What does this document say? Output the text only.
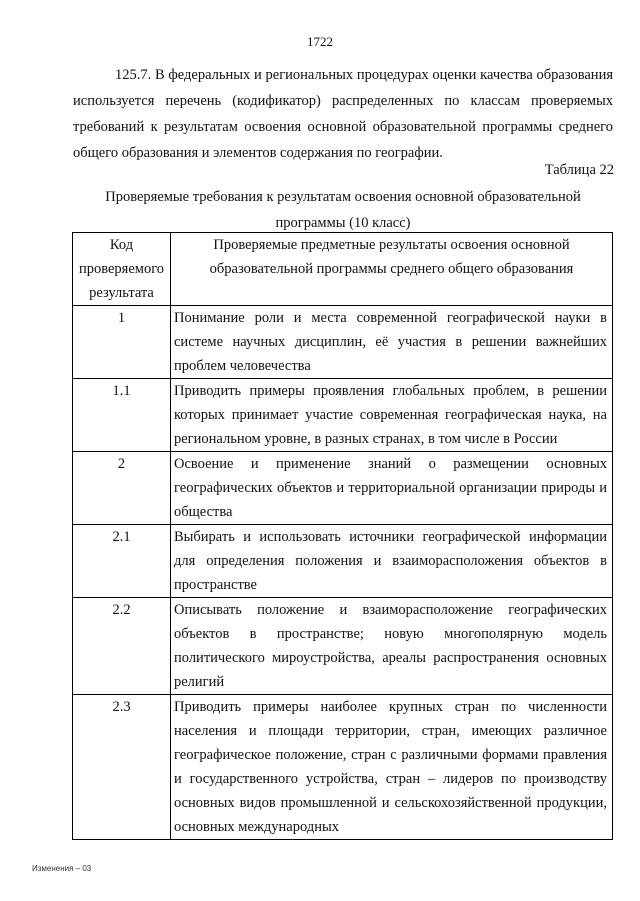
1722

125.7. В федеральных и региональных процедурах оценки качества образования используется перечень (кодификатор) распределенных по классам проверяемых требований к результатам освоения основной образовательной программы среднего общего образования и элементов содержания по географии.

Таблица 22
Проверяемые требования к результатам освоения основной образовательной программы (10 класс)
Код проверяемого результата	Проверяемые предметные результаты освоения основной образовательной программы среднего общего образования
1	Понимание роли и места современной географической науки в системе научных дисциплин, её участия в решении важнейших проблем человечества
1.1	Приводить примеры проявления глобальных проблем, в решении которых принимает участие современная географическая наука, на региональном уровне, в разных странах, в том числе в России
2	Освоение и применение знаний о размещении основных географических объектов и территориальной организации природы и общества
2.1	Выбирать и использовать источники географической информации для определения положения и взаиморасположения объектов в пространстве
2.2	Описывать положение и взаиморасположение географических объектов в пространстве; новую многополярную модель политического мироустройства, ареалы распространения основных религий
2.3	Приводить примеры наиболее крупных стран по численности населения и площади территории, стран, имеющих различное географическое положение, стран с различными формами правления и государственного устройства, стран – лидеров по производству основных видов промышленной и сельскохозяйственной продукции, основных международных
Изменения – 03
